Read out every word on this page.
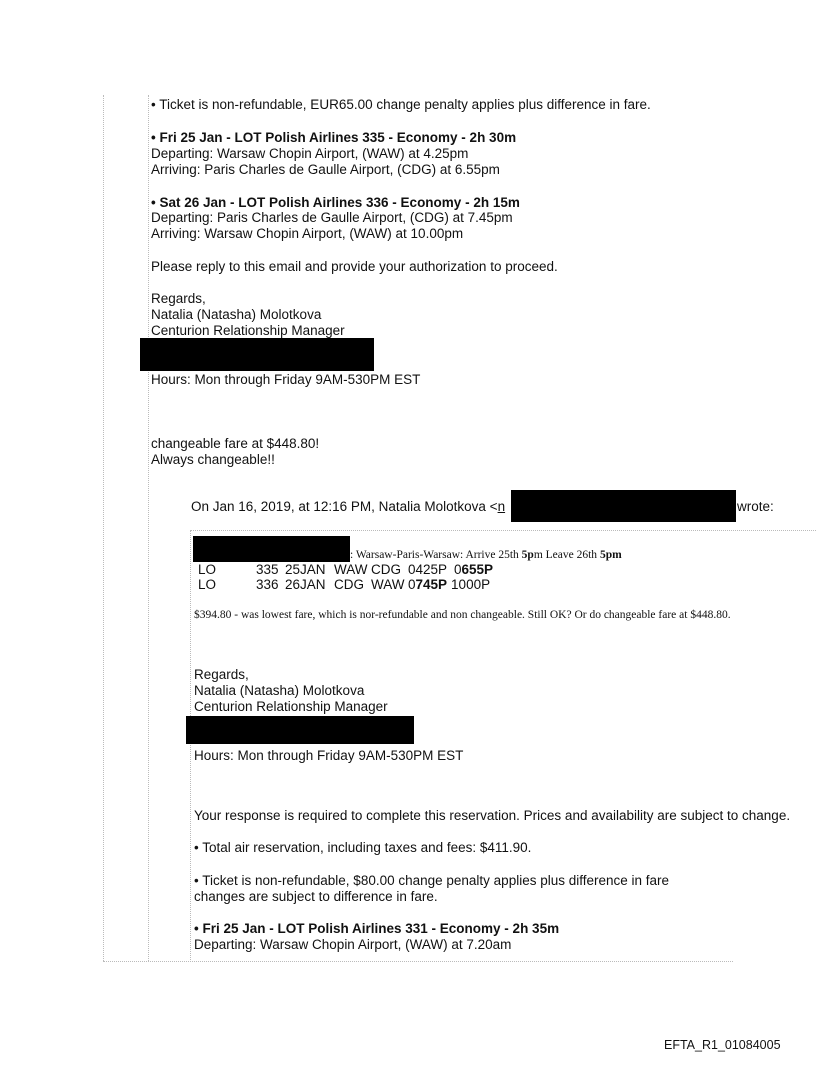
• Ticket is non-refundable, EUR65.00 change penalty applies plus difference in fare.
• Fri 25 Jan - LOT Polish Airlines 335 - Economy - 2h 30m
Departing: Warsaw Chopin Airport, (WAW) at 4.25pm
Arriving: Paris Charles de Gaulle Airport, (CDG) at 6.55pm
• Sat 26 Jan - LOT Polish Airlines 336 - Economy - 2h 15m
Departing: Paris Charles de Gaulle Airport, (CDG) at 7.45pm
Arriving: Warsaw Chopin Airport, (WAW) at 10.00pm
Please reply to this email and provide your authorization to proceed.
Regards,
Natalia (Natasha) Molotkova
Centurion Relationship Manager
Hours: Mon through Friday 9AM-530PM EST
changeable fare at $448.80!
Always changeable!!
On Jan 16, 2019, at 12:16 PM, Natalia Molotkova <n	wrote:
: Warsaw-Paris-Warsaw: Arrive 25th 5pm Leave 26th 5pm
LO	335 25JAN WAW CDG 0425P 0655P
LO	336 26JAN CDG WAW 0745P 1000P
$394.80 - was lowest fare, which is nor-refundable and non changeable. Still OK? Or do changeable fare at $448.80.
Regards,
Natalia (Natasha) Molotkova
Centurion Relationship Manager
Hours: Mon through Friday 9AM-530PM EST
Your response is required to complete this reservation. Prices and availability are subject to change.
• Total air reservation, including taxes and fees: $411.90.
• Ticket is non-refundable, $80.00 change penalty applies plus difference in fare
changes are subject to difference in fare.
• Fri 25 Jan - LOT Polish Airlines 331 - Economy - 2h 35m
Departing: Warsaw Chopin Airport, (WAW) at 7.20am
EFTA_R1_01084005
